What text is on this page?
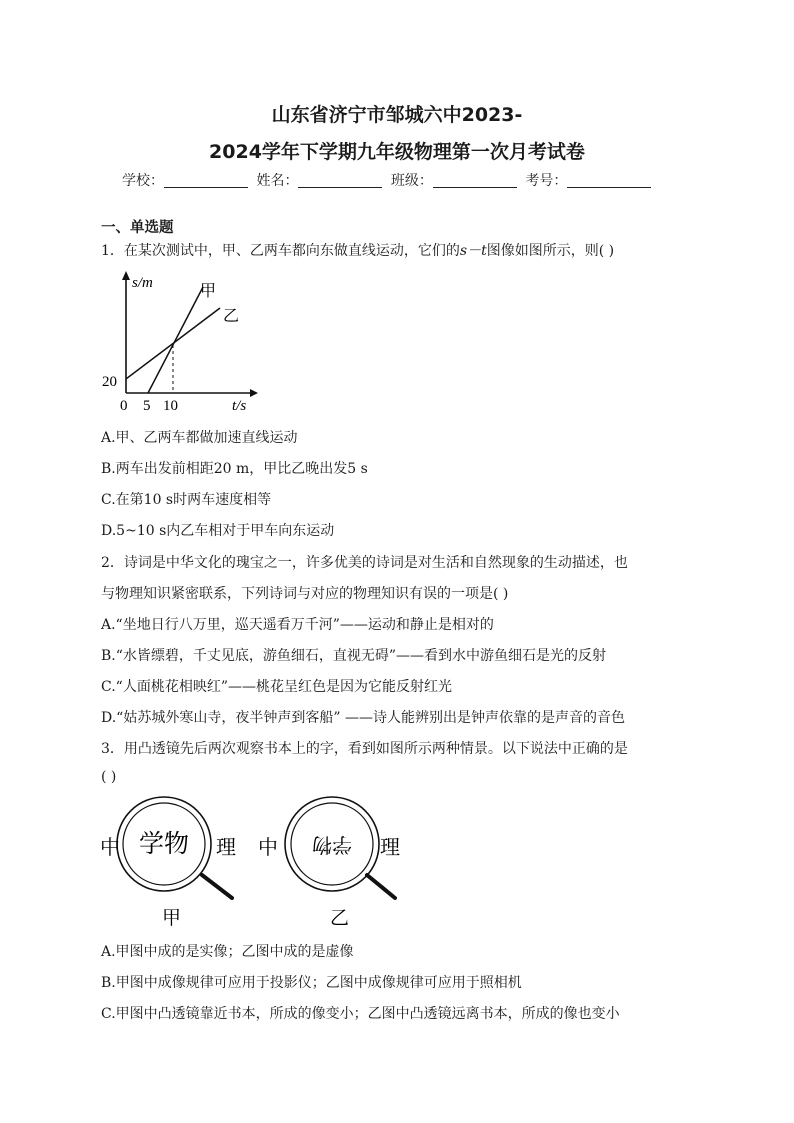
山东省济宁市邹城六中2023-
2024学年下学期九年级物理第一次月考试卷
学校：	姓名：	班级：	考号：
一、单选题
1．在某次测试中，甲、乙两车都向东做直线运动，它们的s－t图像如图所示，则( )
s/m
t/s
甲
乙
20
0 5 10
A.甲、乙两车都做加速直线运动
B.两车出发前相距20 m，甲比乙晚出发5 s
C.在第10 s时两车速度相等
D.5~10 s内乙车相对于甲车向东运动
2．诗词是中华文化的瑰宝之一，许多优美的诗词是对生活和自然现象的生动描述，也
与物理知识紧密联系，下列诗词与对应的物理知识有误的一项是( )
A.“坐地日行八万里，巡天遥看万千河”——运动和静止是相对的
B.“水皆缥碧，千丈见底，游鱼细石，直视无碍”——看到水中游鱼细石是光的反射
C.“人面桃花相映红”——桃花呈红色是因为它能反射红光
D.“姑苏城外寒山寺，夜半钟声到客船” ——诗人能辨别出是钟声依靠的是声音的音色
3．用凸透镜先后两次观察书本上的字，看到如图所示两种情景。以下说法中正确的是
( )
中 学物 理
甲
中 学物 理
乙
A.甲图中成的是实像；乙图中成的是虚像
B.甲图中成像规律可应用于投影仪；乙图中成像规律可应用于照相机
C.甲图中凸透镜靠近书本，所成的像变小；乙图中凸透镜远离书本，所成的像也变小
